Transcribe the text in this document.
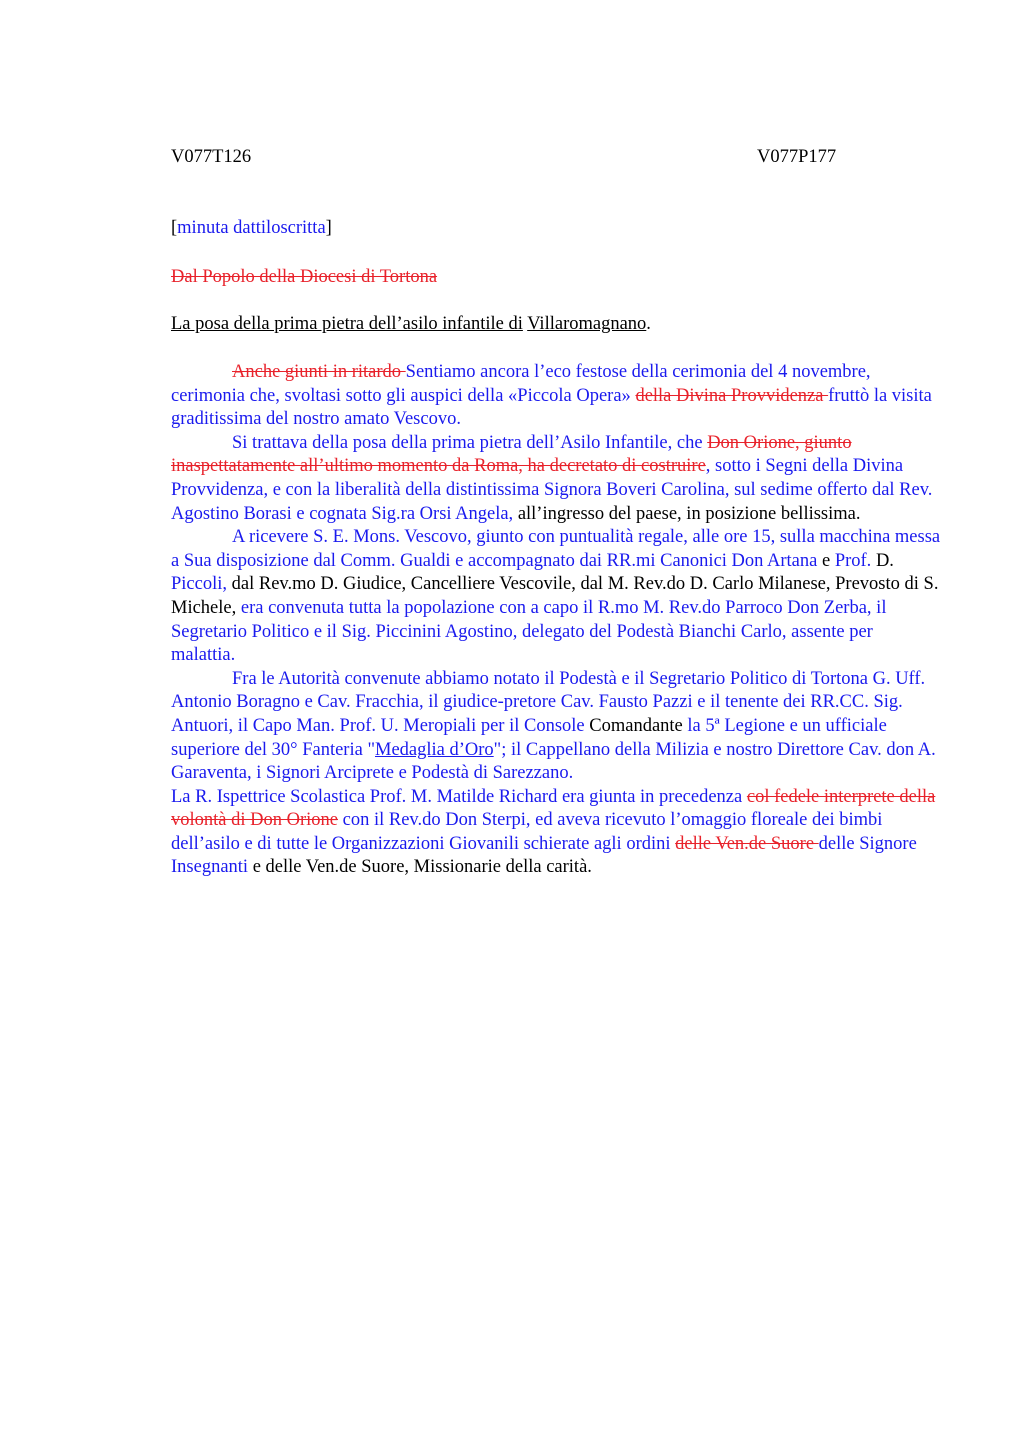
V077T126	V077P177
[minuta dattiloscritta]
Dal Popolo della Diocesi di Tortona
La posa della prima pietra dell’asilo infantile di Villaromagnano.

Anche giunti in ritardo Sentiamo ancora l’eco festose della cerimonia del 4 novembre, cerimonia che, svoltasi sotto gli auspici della «Piccola Opera» della Divina Provvidenza fruttò la visita graditissima del nostro amato Vescovo.

Si trattava della posa della prima pietra dell’Asilo Infantile, che Don Orione, giunto inaspettatamente all’ultimo momento da Roma, ha decretato di costruire, sotto i Segni della Divina Provvidenza, e con la liberalità della distintissima Signora Boveri Carolina, sul sedime offerto dal Rev. Agostino Borasi e cognata Sig.ra Orsi Angela, all’ingresso del paese, in posizione bellissima.

A ricevere S. E. Mons. Vescovo, giunto con puntualità regale, alle ore 15, sulla macchina messa a Sua disposizione dal Comm. Gualdi e accompagnato dai RR.mi Canonici Don Artana e Prof. D. Piccoli, dal Rev.mo D. Giudice, Cancelliere Vescovile, dal M. Rev.do D. Carlo Milanese, Prevosto di S. Michele, era convenuta tutta la popolazione con a capo il R.mo M. Rev.do Parroco Don Zerba, il Segretario Politico e il Sig. Piccinini Agostino, delegato del Podestà Bianchi Carlo, assente per malattia.

Fra le Autorità convenute abbiamo notato il Podestà e il Segretario Politico di Tortona G. Uff. Antonio Boragno e Cav. Fracchia, il giudice-pretore Cav. Fausto Pazzi e il tenente dei RR.CC. Sig. Antuori, il Capo Man. Prof. U. Meropiali per il Console Comandante la 5ª Legione e un ufficiale superiore del 30° Fanteria "Medaglia d’Oro"; il Cappellano della Milizia e nostro Direttore Cav. don A. Garaventa, i Signori Arciprete e Podestà di Sarezzano.

La R. Ispettrice Scolastica Prof. M. Matilde Richard era giunta in precedenza col fedele interprete della volontà di Don Orione con il Rev.do Don Sterpi, ed aveva ricevuto l’omaggio floreale dei bimbi dell’asilo e di tutte le Organizzazioni Giovanili schierate agli ordini delle Ven.de Suore delle Signore Insegnanti e delle Ven.de Suore, Missionarie della carità.
